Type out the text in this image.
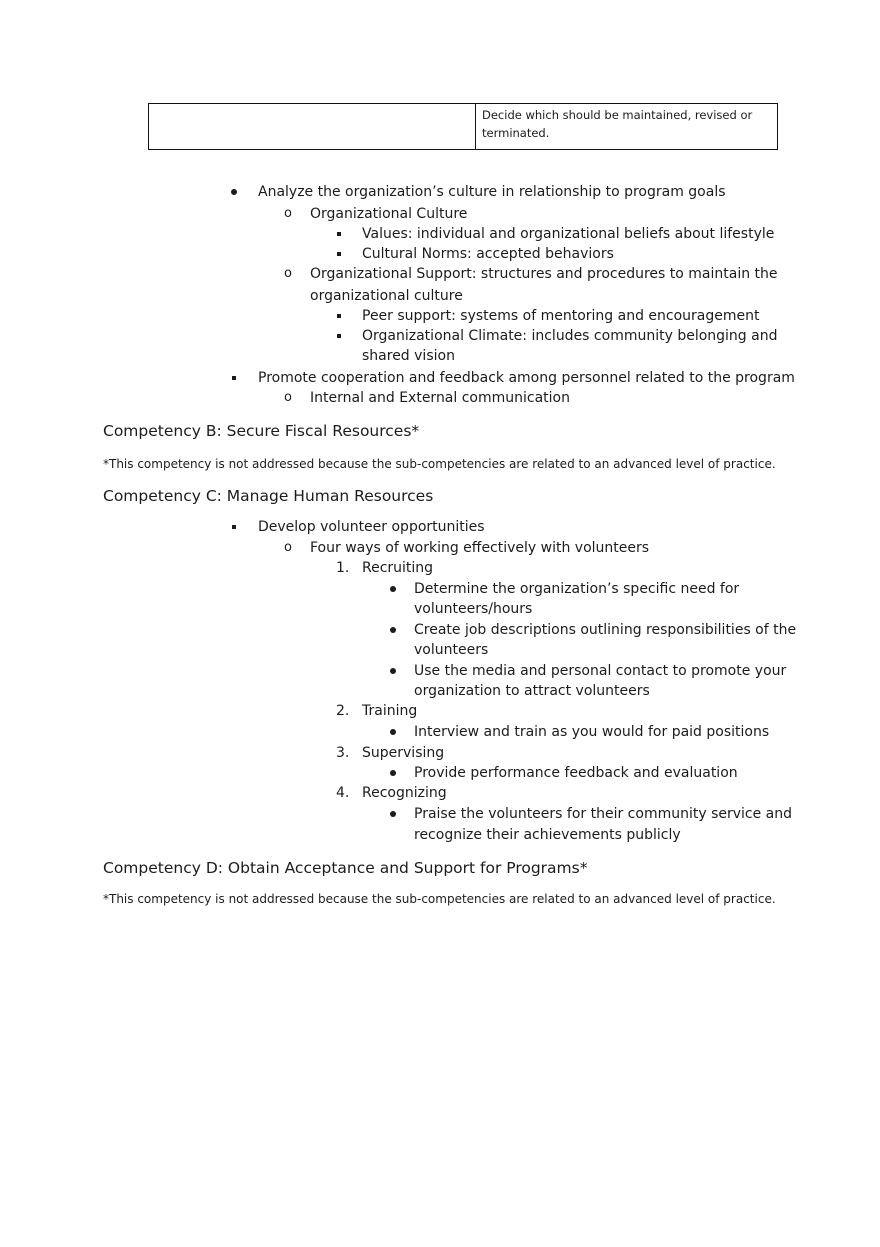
Decide which should be maintained, revised or terminated.
Analyze the organization’s culture in relationship to program goals
o Organizational Culture
Values: individual and organizational beliefs about lifestyle
Cultural Norms: accepted behaviors
o Organizational Support: structures and procedures to maintain the
organizational culture
Peer support: systems of mentoring and encouragement
Organizational Climate: includes community belonging and
shared vision
Promote cooperation and feedback among personnel related to the program
o Internal and External communication
Competency B: Secure Fiscal Resources*
*This competency is not addressed because the sub-competencies are related to an advanced level of practice.
Competency C: Manage Human Resources
Develop volunteer opportunities
o Four ways of working effectively with volunteers
1. Recruiting
Determine the organization’s specific need for
volunteers/hours
Create job descriptions outlining responsibilities of the
volunteers
Use the media and personal contact to promote your
organization to attract volunteers
2. Training
Interview and train as you would for paid positions
3. Supervising
Provide performance feedback and evaluation
4. Recognizing
Praise the volunteers for their community service and
recognize their achievements publicly
Competency D: Obtain Acceptance and Support for Programs*
*This competency is not addressed because the sub-competencies are related to an advanced level of practice.
